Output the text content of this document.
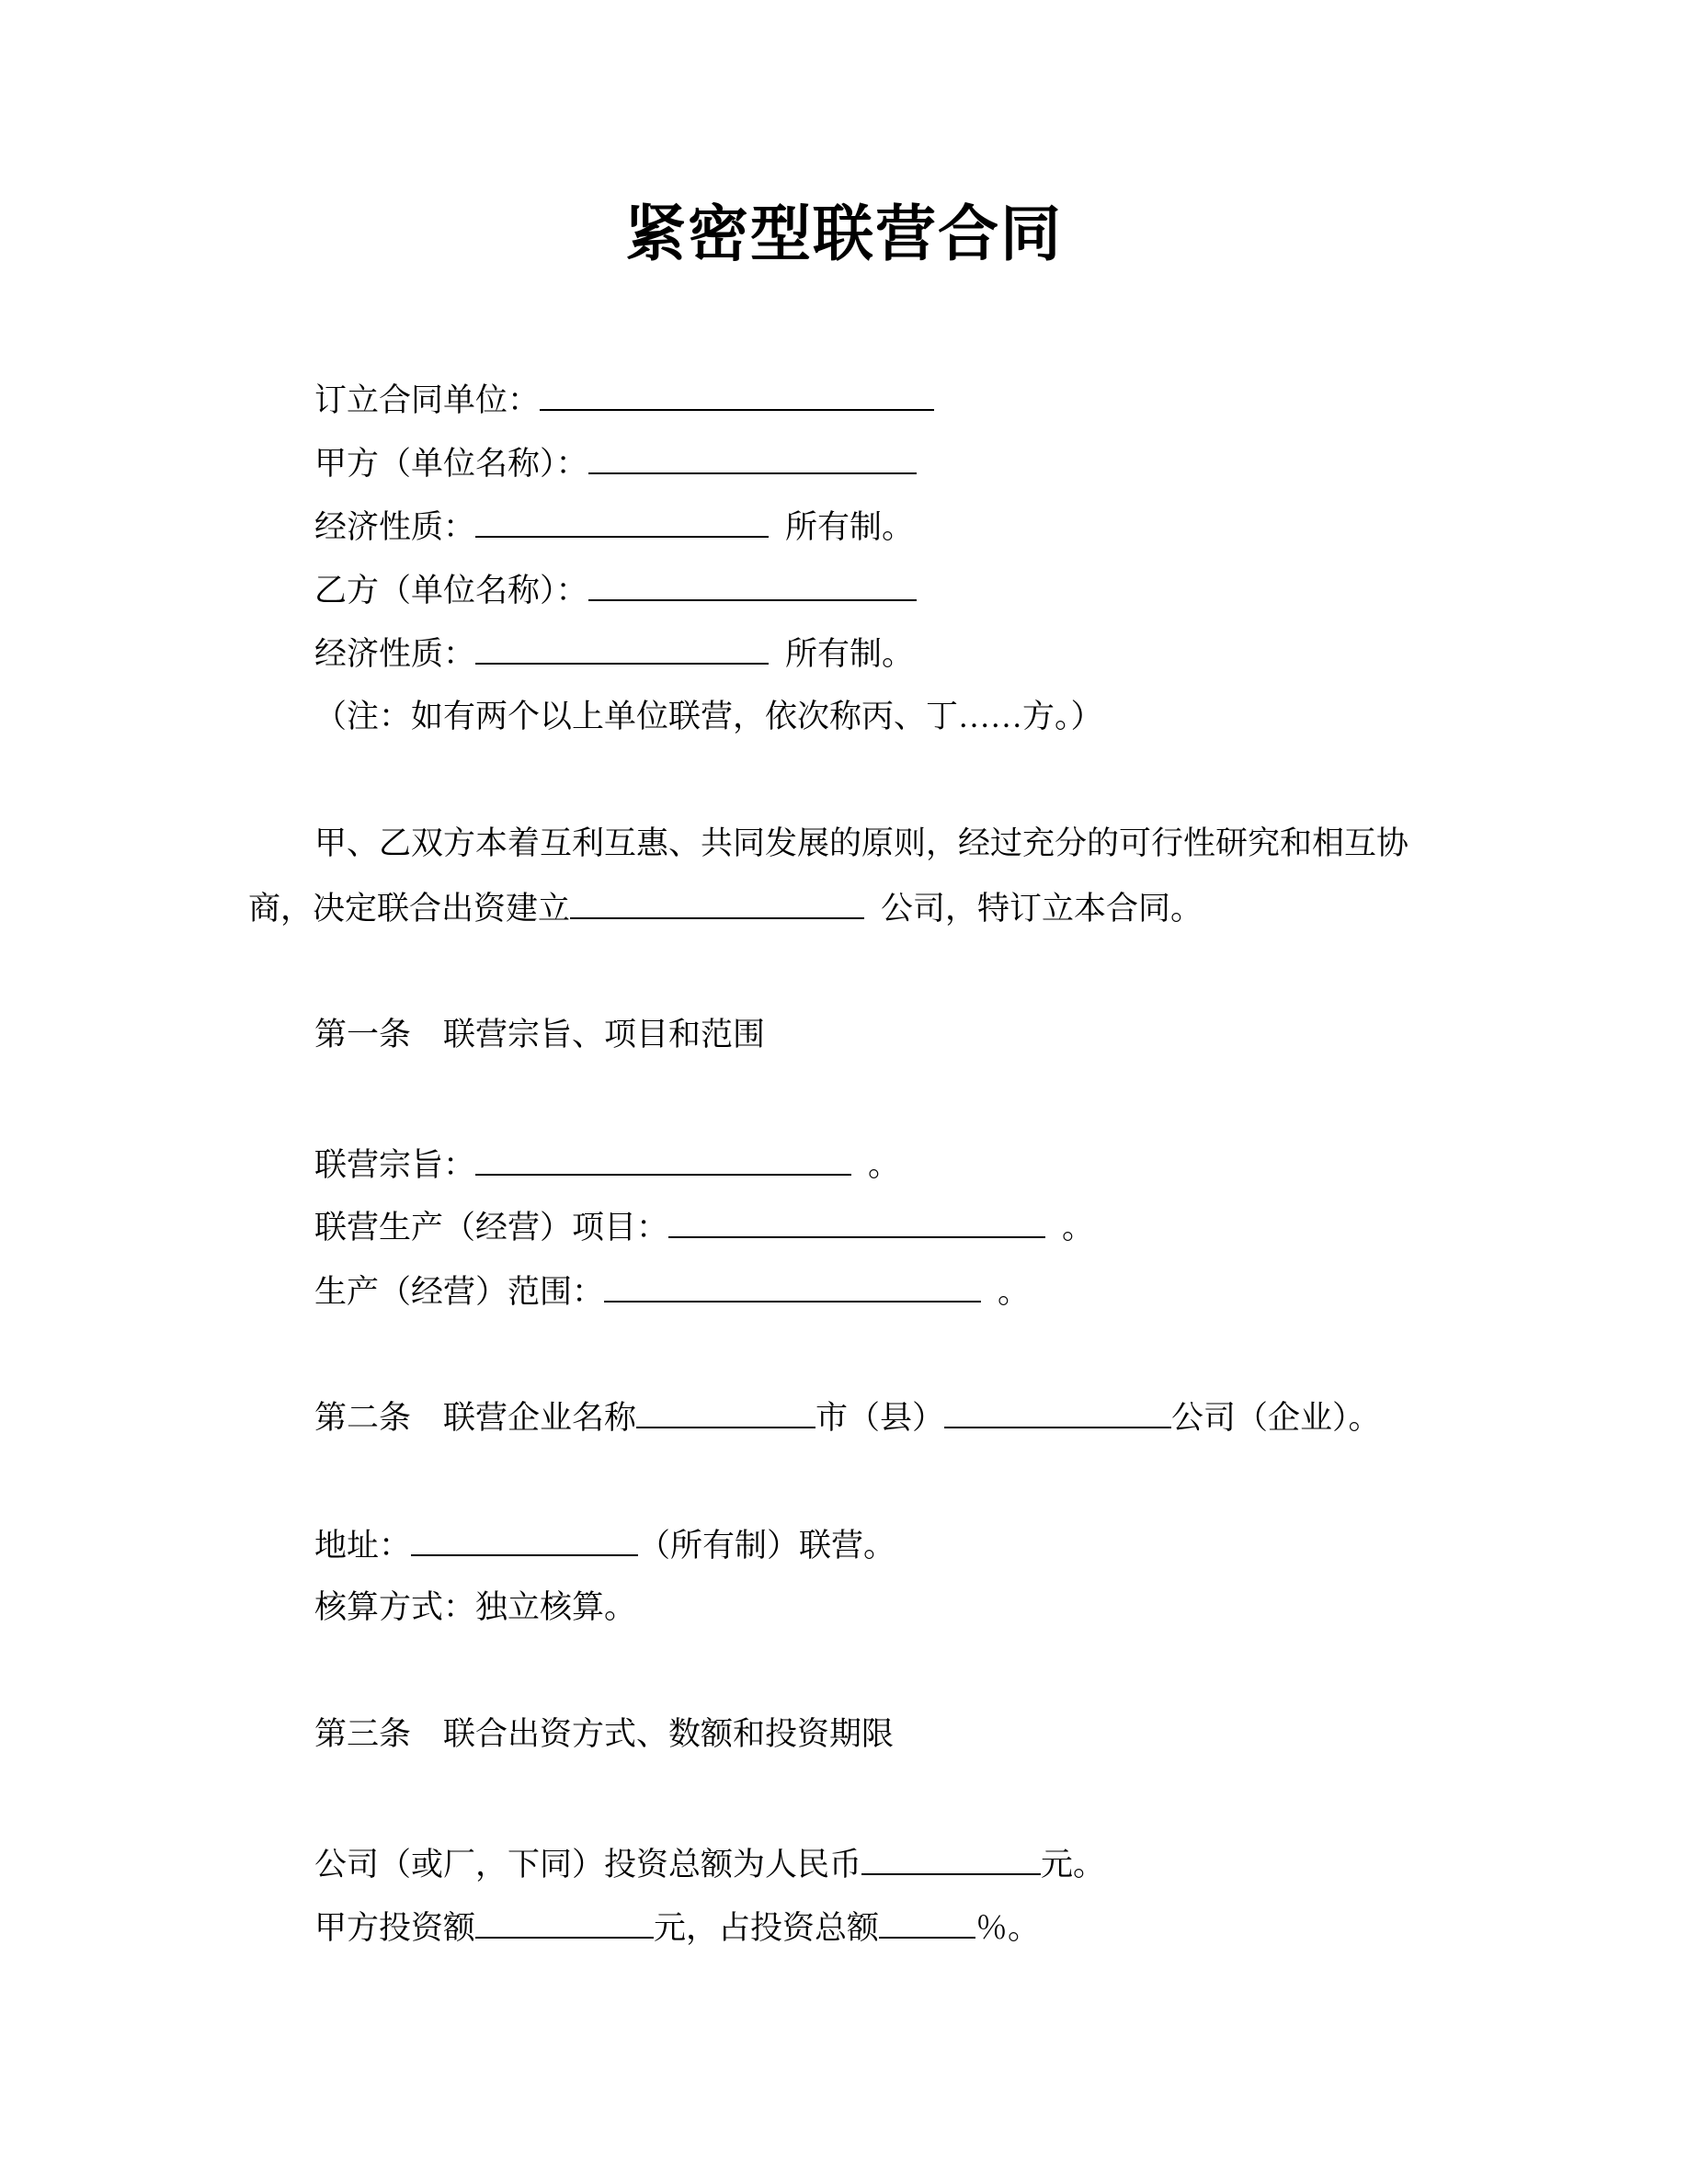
紧密型联营合同
订立合同单位：
甲方（单位名称）：
经济性质：	所有制。
乙方（单位名称）：
经济性质：	所有制。
（注：如有两个以上单位联营，依次称丙、丁……方。）
甲、乙双方本着互利互惠、共同发展的原则，经过充分的可行性研究和相互协
商，决定联合出资建立	公司，特订立本合同。
第一条　联营宗旨、项目和范围
联营宗旨：	。
联营生产（经营）项目：	。
生产（经营）范围：	。
第二条　联营企业名称	市（县）	公司（企业）。
地址：	（所有制）联营。
核算方式：独立核算。
第三条　联合出资方式、数额和投资期限
公司（或厂，下同）投资总额为人民币	元。
甲方投资额	元，占投资总额	％。
